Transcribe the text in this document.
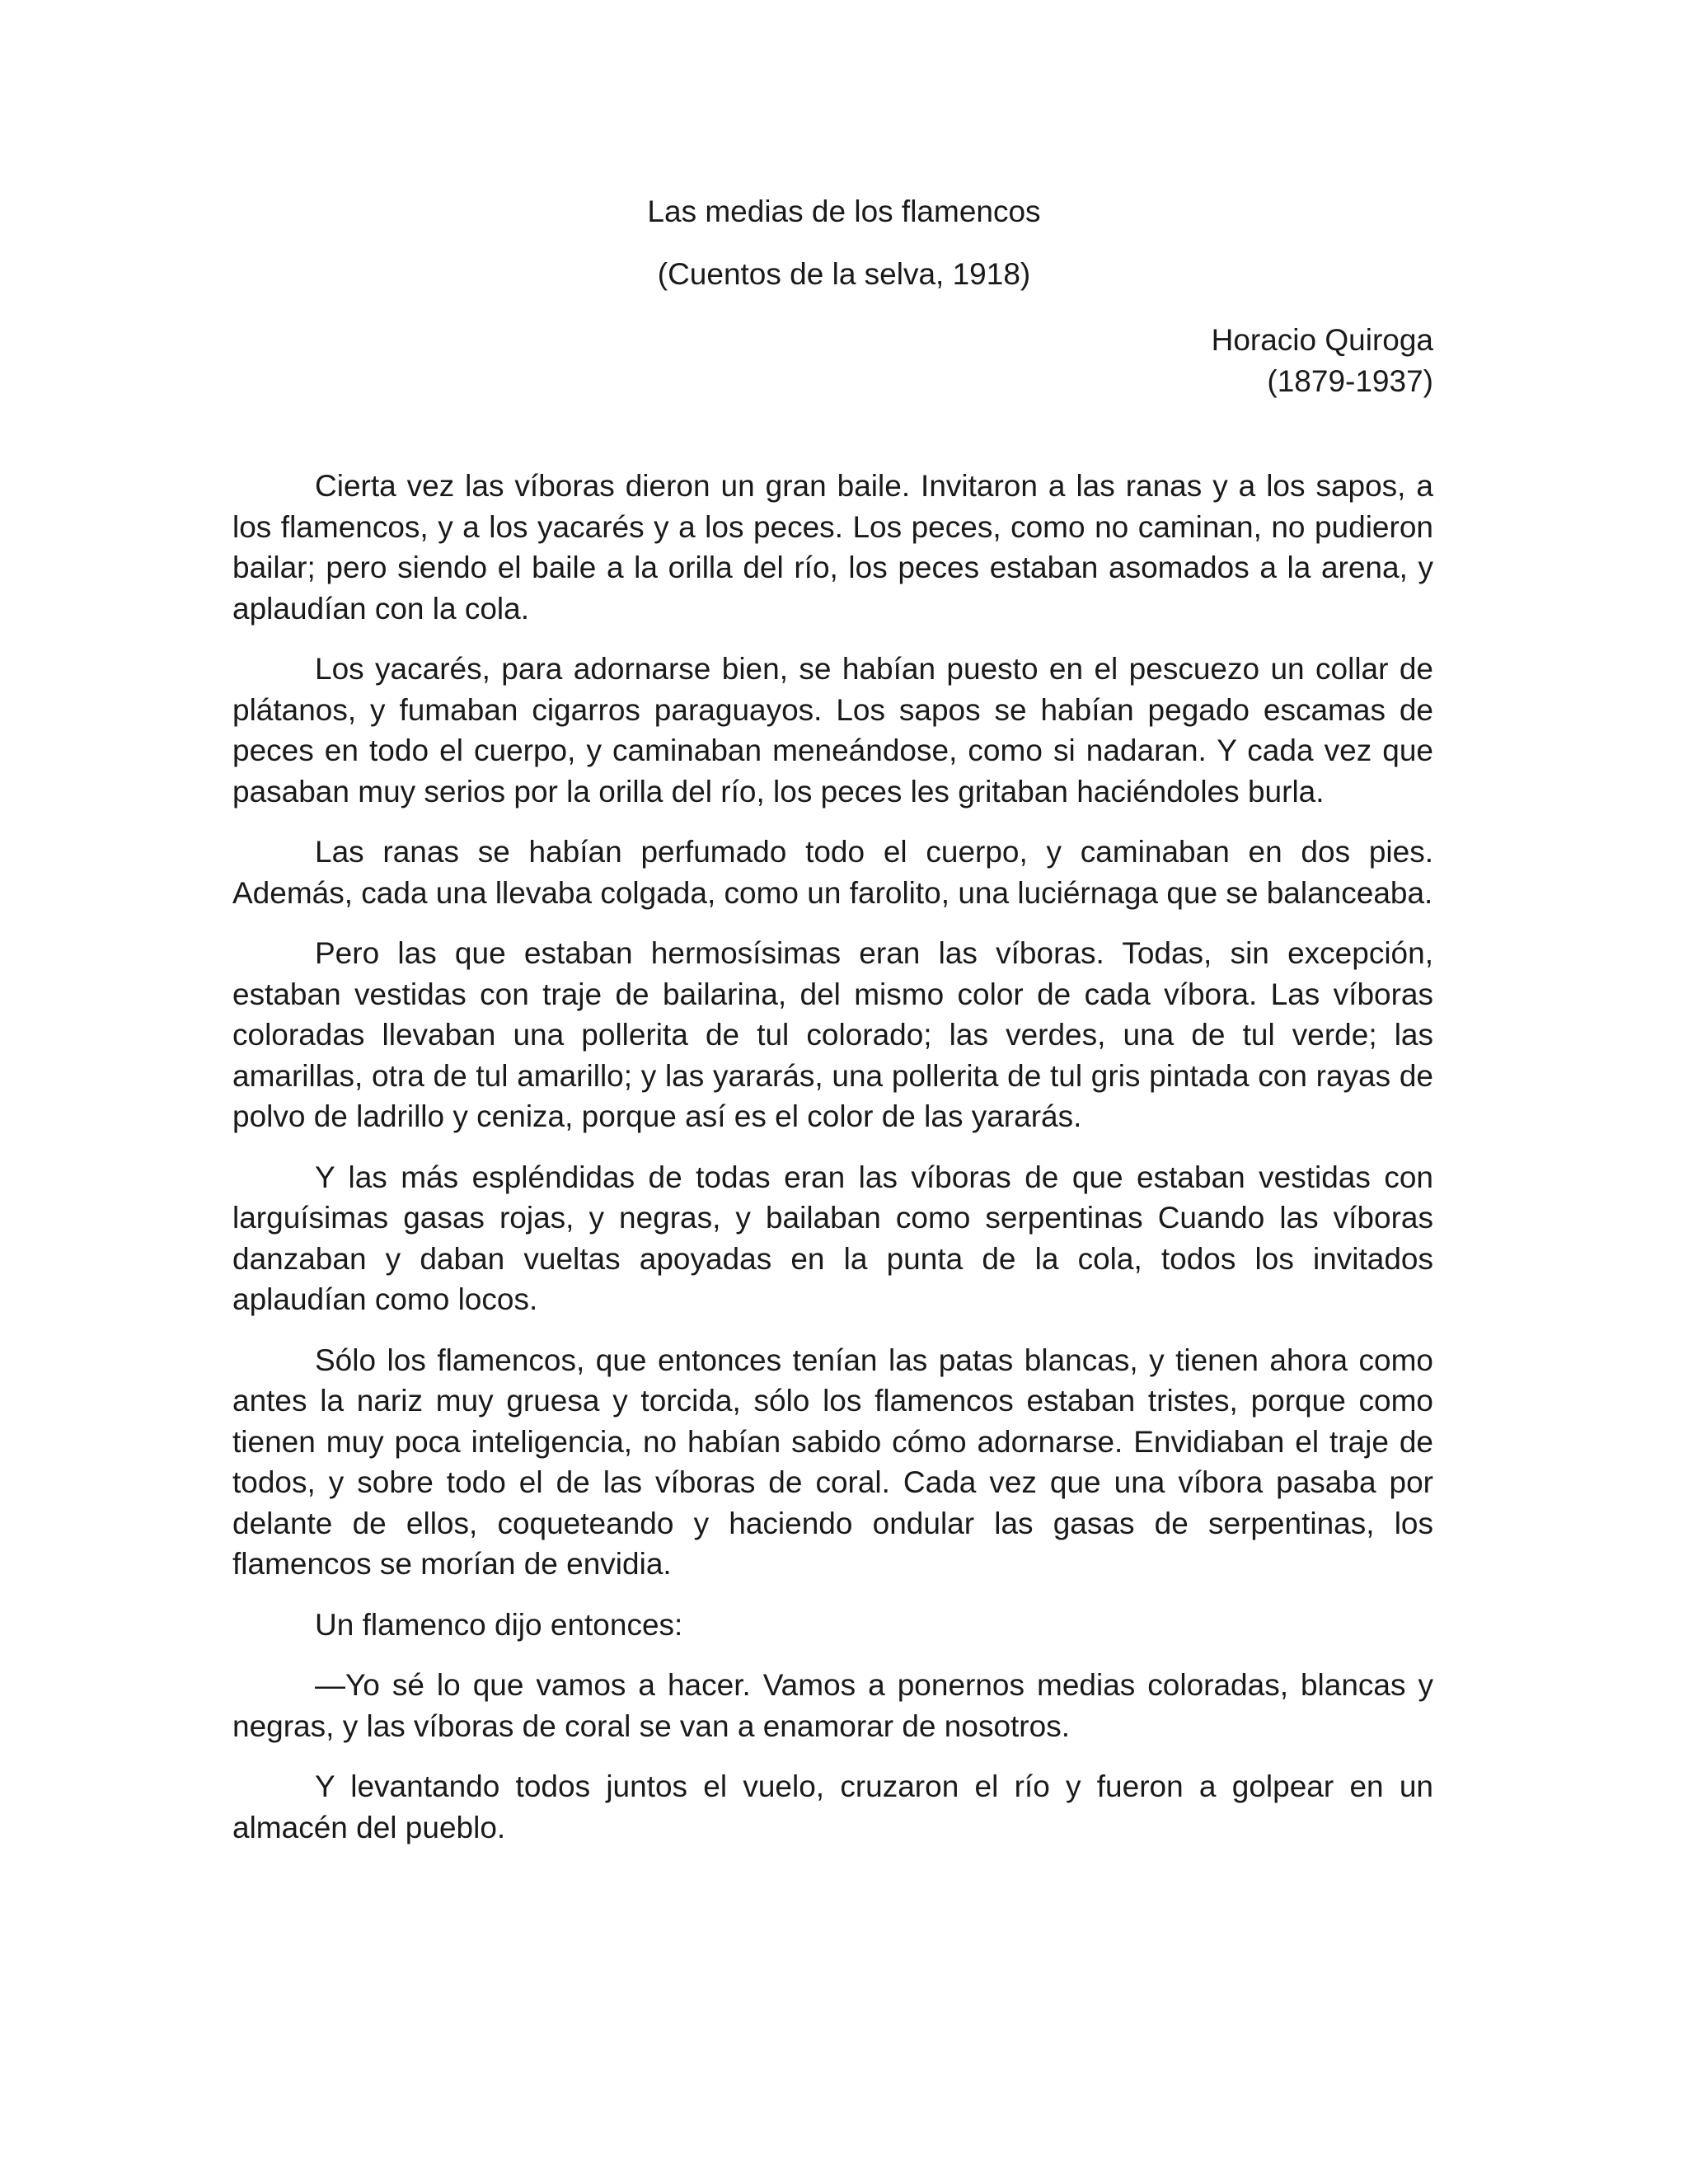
Las medias de los flamencos
(Cuentos de la selva, 1918)
Horacio Quiroga
(1879-1937)

Cierta vez las víboras dieron un gran baile. Invitaron a las ranas y a los sapos, a los flamencos, y a los yacarés y a los peces. Los peces, como no caminan, no pudieron bailar; pero siendo el baile a la orilla del río, los peces estaban asomados a la arena, y aplaudían con la cola.

Los yacarés, para adornarse bien, se habían puesto en el pescuezo un collar de plátanos, y fumaban cigarros paraguayos. Los sapos se habían pegado escamas de peces en todo el cuerpo, y caminaban meneándose, como si nadaran. Y cada vez que pasaban muy serios por la orilla del río, los peces les gritaban haciéndoles burla.

Las ranas se habían perfumado todo el cuerpo, y caminaban en dos pies. Además, cada una llevaba colgada, como un farolito, una luciérnaga que se balanceaba.

Pero las que estaban hermosísimas eran las víboras. Todas, sin excepción, estaban vestidas con traje de bailarina, del mismo color de cada víbora. Las víboras coloradas llevaban una pollerita de tul colorado; las verdes, una de tul verde; las amarillas, otra de tul amarillo; y las yararás, una pollerita de tul gris pintada con rayas de polvo de ladrillo y ceniza, porque así es el color de las yararás.

Y las más espléndidas de todas eran las víboras de que estaban vestidas con larguísimas gasas rojas, y negras, y bailaban como serpentinas Cuando las víboras danzaban y daban vueltas apoyadas en la punta de la cola, todos los invitados aplaudían como locos.

Sólo los flamencos, que entonces tenían las patas blancas, y tienen ahora como antes la nariz muy gruesa y torcida, sólo los flamencos estaban tristes, porque como tienen muy poca inteligencia, no habían sabido cómo adornarse. Envidiaban el traje de todos, y sobre todo el de las víboras de coral. Cada vez que una víbora pasaba por delante de ellos, coqueteando y haciendo ondular las gasas de serpentinas, los flamencos se morían de envidia.

Un flamenco dijo entonces:

—Yo sé lo que vamos a hacer. Vamos a ponernos medias coloradas, blancas y negras, y las víboras de coral se van a enamorar de nosotros.

Y levantando todos juntos el vuelo, cruzaron el río y fueron a golpear en un almacén del pueblo.
